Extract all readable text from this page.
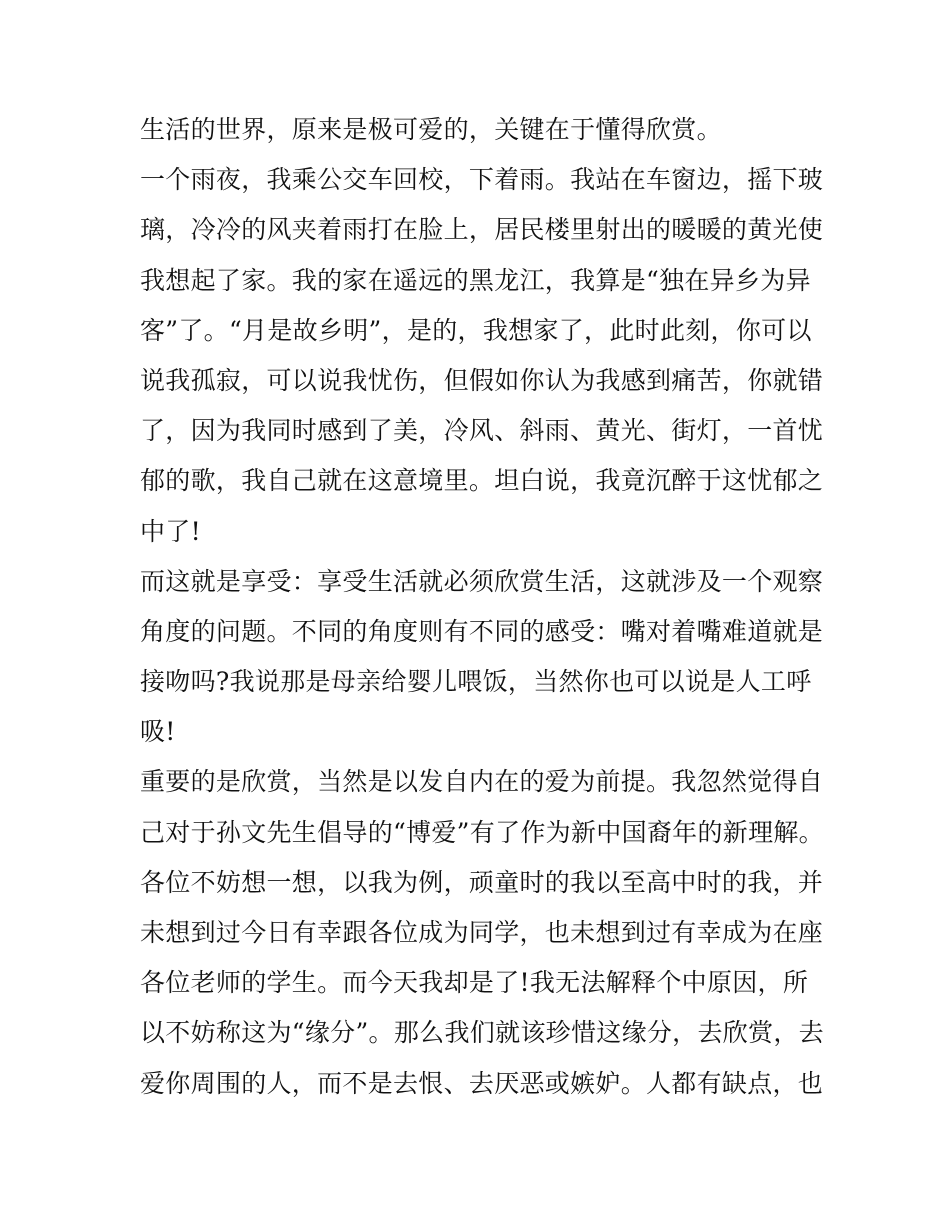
生活的世界，原来是极可爱的，关键在于懂得欣赏。
一个雨夜，我乘公交车回校，下着雨。我站在车窗边，摇下玻
璃，冷冷的风夹着雨打在脸上，居民楼里射出的暖暖的黄光使
我想起了家。我的家在遥远的黑龙江，我算是“独在异乡为异
客”了。“月是故乡明”，是的，我想家了，此时此刻，你可以
说我孤寂，可以说我忧伤，但假如你认为我感到痛苦，你就错
了，因为我同时感到了美，冷风、斜雨、黄光、街灯，一首忧
郁的歌，我自己就在这意境里。坦白说，我竟沉醉于这忧郁之
中了!
而这就是享受：享受生活就必须欣赏生活，这就涉及一个观察
角度的问题。不同的角度则有不同的感受：嘴对着嘴难道就是
接吻吗?我说那是母亲给婴儿喂饭，当然你也可以说是人工呼
吸!
重要的是欣赏，当然是以发自内在的爱为前提。我忽然觉得自
己对于孙文先生倡导的“博爱”有了作为新中国裔年的新理解。
各位不妨想一想，以我为例，顽童时的我以至高中时的我，并
未想到过今日有幸跟各位成为同学，也未想到过有幸成为在座
各位老师的学生。而今天我却是了!我无法解释个中原因，所
以不妨称这为“缘分”。那么我们就该珍惜这缘分，去欣赏，去
爱你周围的人，而不是去恨、去厌恶或嫉妒。人都有缺点，也
